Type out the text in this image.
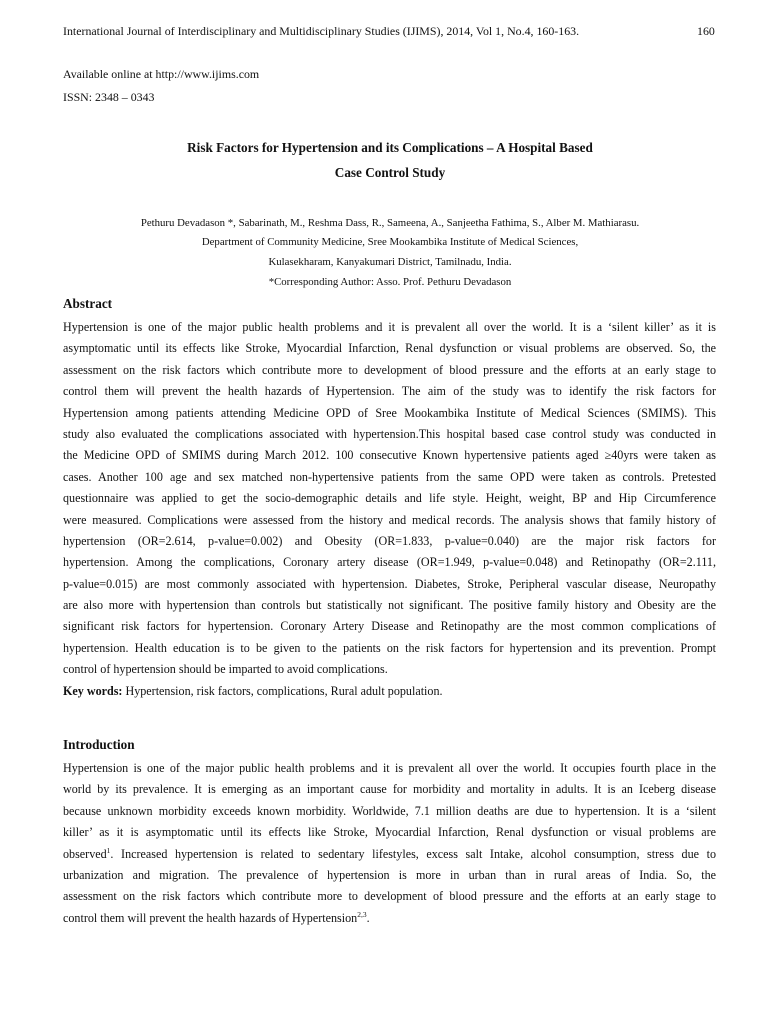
International Journal of Interdisciplinary and Multidisciplinary Studies (IJIMS), 2014, Vol 1, No.4, 160-163.	160
Available online at http://www.ijims.com
ISSN: 2348 – 0343
Risk Factors for Hypertension and its Complications – A Hospital Based
Case Control Study
Pethuru Devadason *, Sabarinath, M., Reshma Dass, R., Sameena, A., Sanjeetha Fathima, S., Alber M. Mathiarasu.
Department of Community Medicine, Sree Mookambika Institute of Medical Sciences,
Kulasekharam, Kanyakumari District, Tamilnadu, India.
*Corresponding Author: Asso. Prof. Pethuru Devadason
Abstract
Hypertension is one of the major public health problems and it is prevalent all over the world. It is a ‘silent killer’ as it is
asymptomatic until its effects like Stroke, Myocardial Infarction, Renal dysfunction or visual problems are observed. So, the
assessment on the risk factors which contribute more to development of blood pressure and the efforts at an early stage to
control them will prevent the health hazards of Hypertension. The aim of the study was to identify the risk factors for
Hypertension among patients attending Medicine OPD of Sree Mookambika Institute of Medical Sciences (SMIMS). This
study also evaluated the complications associated with hypertension.This hospital based case control study was conducted in
the Medicine OPD of SMIMS during March 2012. 100 consecutive Known hypertensive patients aged ≥40yrs were taken as
cases. Another 100 age and sex matched non-hypertensive patients from the same OPD were taken as controls. Pretested
questionnaire was applied to get the socio-demographic details and life style. Height, weight, BP and Hip Circumference
were measured. Complications were assessed from the history and medical records. The analysis shows that family history of
hypertension (OR=2.614, p-value=0.002) and Obesity (OR=1.833, p-value=0.040) are the major risk factors for
hypertension. Among the complications, Coronary artery disease (OR=1.949, p-value=0.048) and Retinopathy (OR=2.111,
p-value=0.015) are most commonly associated with hypertension. Diabetes, Stroke, Peripheral vascular disease, Neuropathy
are also more with hypertension than controls but statistically not significant. The positive family history and Obesity are the
significant risk factors for hypertension. Coronary Artery Disease and Retinopathy are the most common complications of
hypertension. Health education is to be given to the patients on the risk factors for hypertension and its prevention. Prompt
control of hypertension should be imparted to avoid complications.
Key words: Hypertension, risk factors, complications, Rural adult population.
Introduction
Hypertension is one of the major public health problems and it is prevalent all over the world. It occupies fourth place in the
world by its prevalence. It is emerging as an important cause for morbidity and mortality in adults. It is an Iceberg disease
because unknown morbidity exceeds known morbidity. Worldwide, 7.1 million deaths are due to hypertension. It is a ‘silent
killer’ as it is asymptomatic until its effects like Stroke, Myocardial Infarction, Renal dysfunction or visual problems are
observed$^1$. Increased hypertension is related to sedentary lifestyles, excess salt Intake, alcohol consumption, stress due to
urbanization and migration. The prevalence of hypertension is more in urban than in rural areas of India. So, the
assessment on the risk factors which contribute more to development of blood pressure and the efforts at an early stage to
control them will prevent the health hazards of Hypertension$^{2,3}$.
